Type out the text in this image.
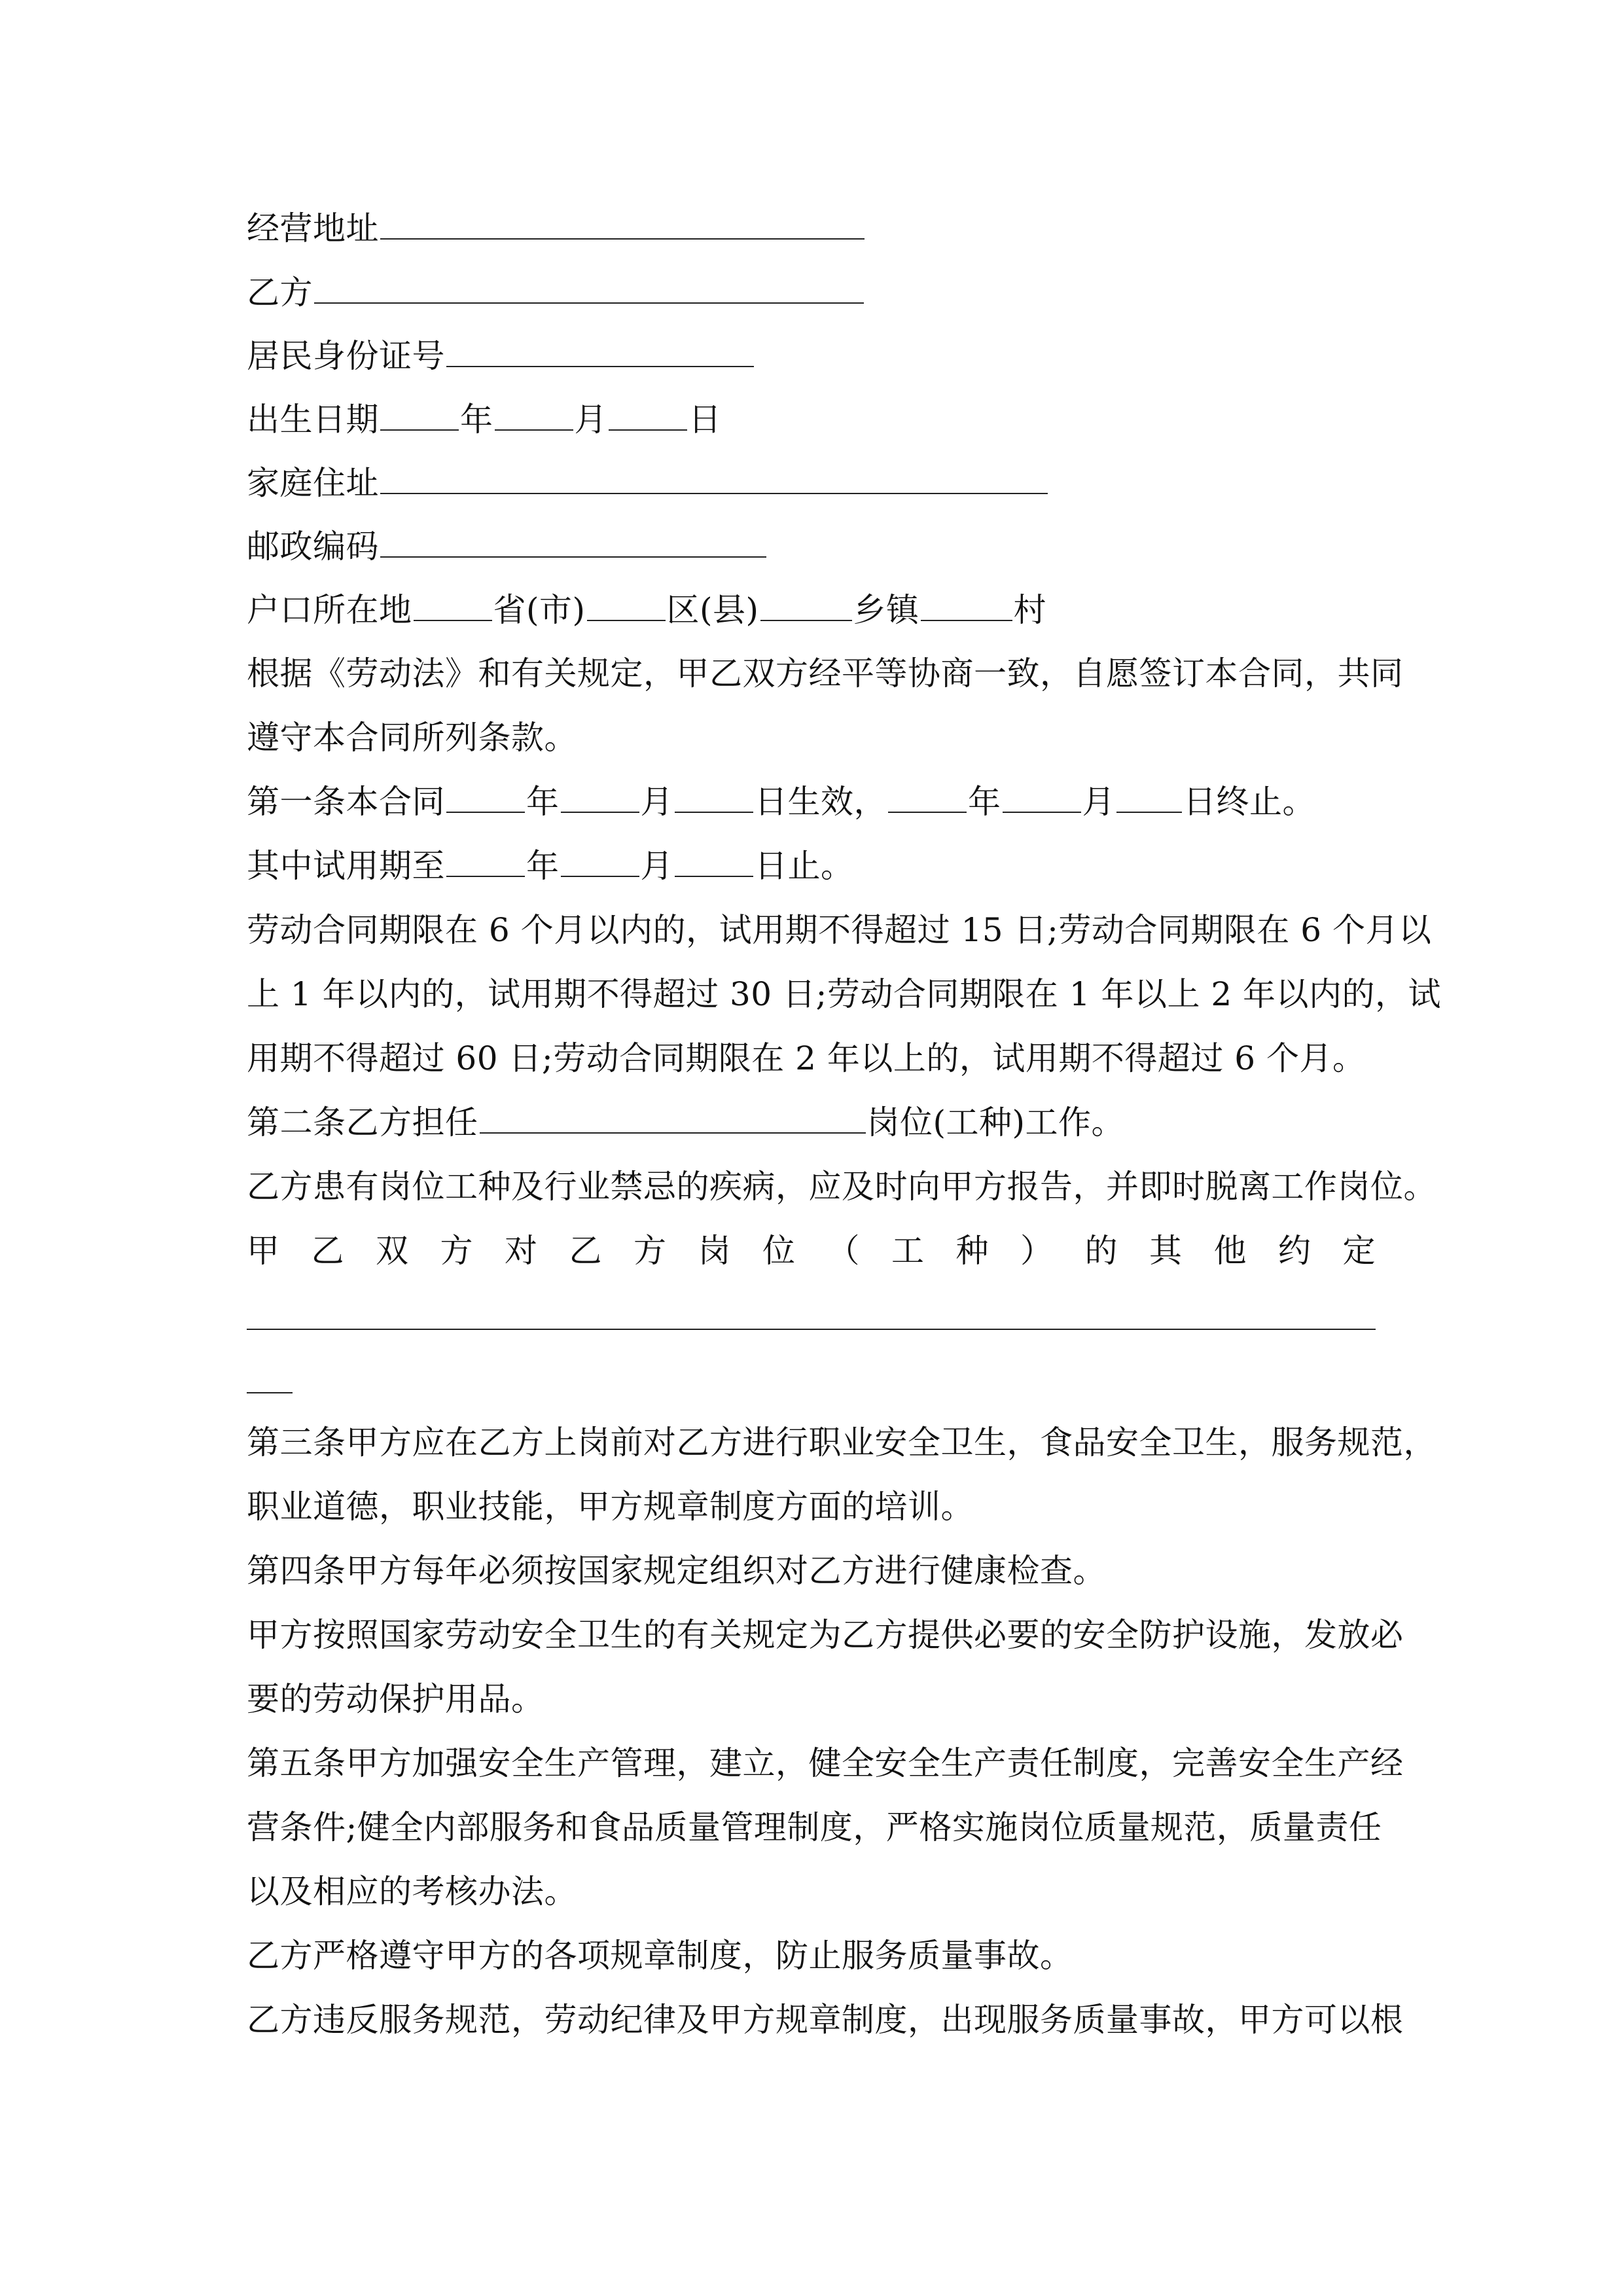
经营地址
乙方
居民身份证号
出生日期 年 月 日
家庭住址
邮政编码
户口所在地 省(市) 区(县)	乡镇	村
根据《劳动法》和有关规定，甲乙双方经平等协商一致，自愿签订本合同，共同
遵守本合同所列条款。
第一条本合同 年 月 日生效， 年 月 日终止。
其中试用期至 年 月 日止。
劳动合同期限在 6 个月以内的，试用期不得超过 15 日;劳动合同期限在 6 个月以
上 1 年以内的，试用期不得超过 30 日;劳动合同期限在 1 年以上 2 年以内的，试
用期不得超过 60 日;劳动合同期限在 2 年以上的，试用期不得超过 6 个月。
第二条乙方担任	岗位(工种)工作。
乙方患有岗位工种及行业禁忌的疾病，应及时向甲方报告，并即时脱离工作岗位。
甲 乙 双 方 对 乙 方 岗 位 （ 工 种 ） 的 其 他 约 定
第三条甲方应在乙方上岗前对乙方进行职业安全卫生，食品安全卫生，服务规范，
职业道德，职业技能，甲方规章制度方面的培训。
第四条甲方每年必须按国家规定组织对乙方进行健康检查。
甲方按照国家劳动安全卫生的有关规定为乙方提供必要的安全防护设施，发放必
要的劳动保护用品。
第五条甲方加强安全生产管理，建立，健全安全生产责任制度，完善安全生产经
营条件;健全内部服务和食品质量管理制度，严格实施岗位质量规范，质量责任
以及相应的考核办法。
乙方严格遵守甲方的各项规章制度，防止服务质量事故。
乙方违反服务规范，劳动纪律及甲方规章制度，出现服务质量事故，甲方可以根
